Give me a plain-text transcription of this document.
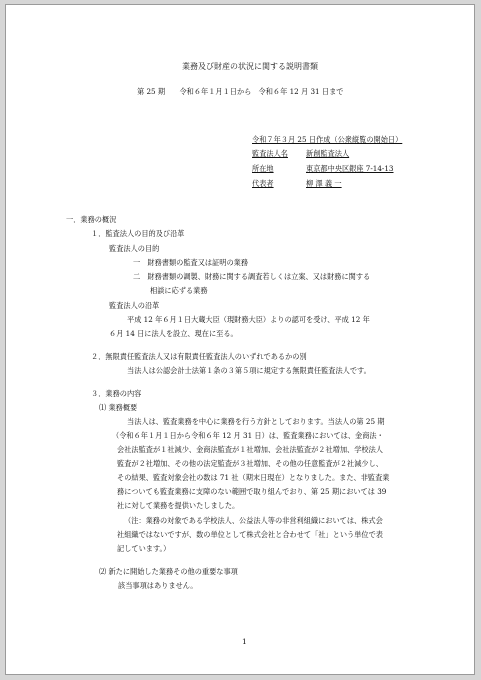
業務及び財産の状況に関する説明書類
第 25 期　　令和６年１月１日から　令和６年 12 月 31 日まで
令和７年３月 25 日作成（公衆縦覧の開始日）
監査法人名	新創監査法人
所在地	東京都中央区銀座 7-14-13
代表者	柳 澤 義 一
一．業務の概況
１．監査法人の目的及び沿革
監査法人の目的
一　財務書類の監査又は証明の業務
二　財務書類の調製、財務に関する調査若しくは立案、又は財務に関する
相談に応ずる業務
監査法人の沿革
平成 12 年６月１日大蔵大臣（現財務大臣）よりの認可を受け、平成 12 年
６月 14 日に法人を設立、現在に至る。
２．無限責任監査法人又は有限責任監査法人のいずれであるかの別
当法人は公認会計士法第１条の３第５項に規定する無限責任監査法人です。
３．業務の内容
⑴ 業務概要
当法人は、監査業務を中心に業務を行う方針としております。当法人の第 25 期
（令和６年１月１日から令和６年 12 月 31 日）は、監査業務においては、金商法・
会社法監査が１社減少、金商法監査が１社増加、会社法監査が２社増加、学校法人
監査が２社増加、その他の法定監査が３社増加、その他の任意監査が２社減少し、
その結果、監査対象会社の数は 71 社（期末日現在）となりました。また、非監査業
務についても監査業務に支障のない範囲で取り組んでおり、第 25 期においては 39
社に対して業務を提供いたしました。
（注：業務の対象である学校法人、公益法人等の非営利組織においては、株式会
社組織ではないですが、数の単位として株式会社と合わせて「社」という単位で表
記しています。）
⑵ 新たに開始した業務その他の重要な事項
該当事項はありません。
1
